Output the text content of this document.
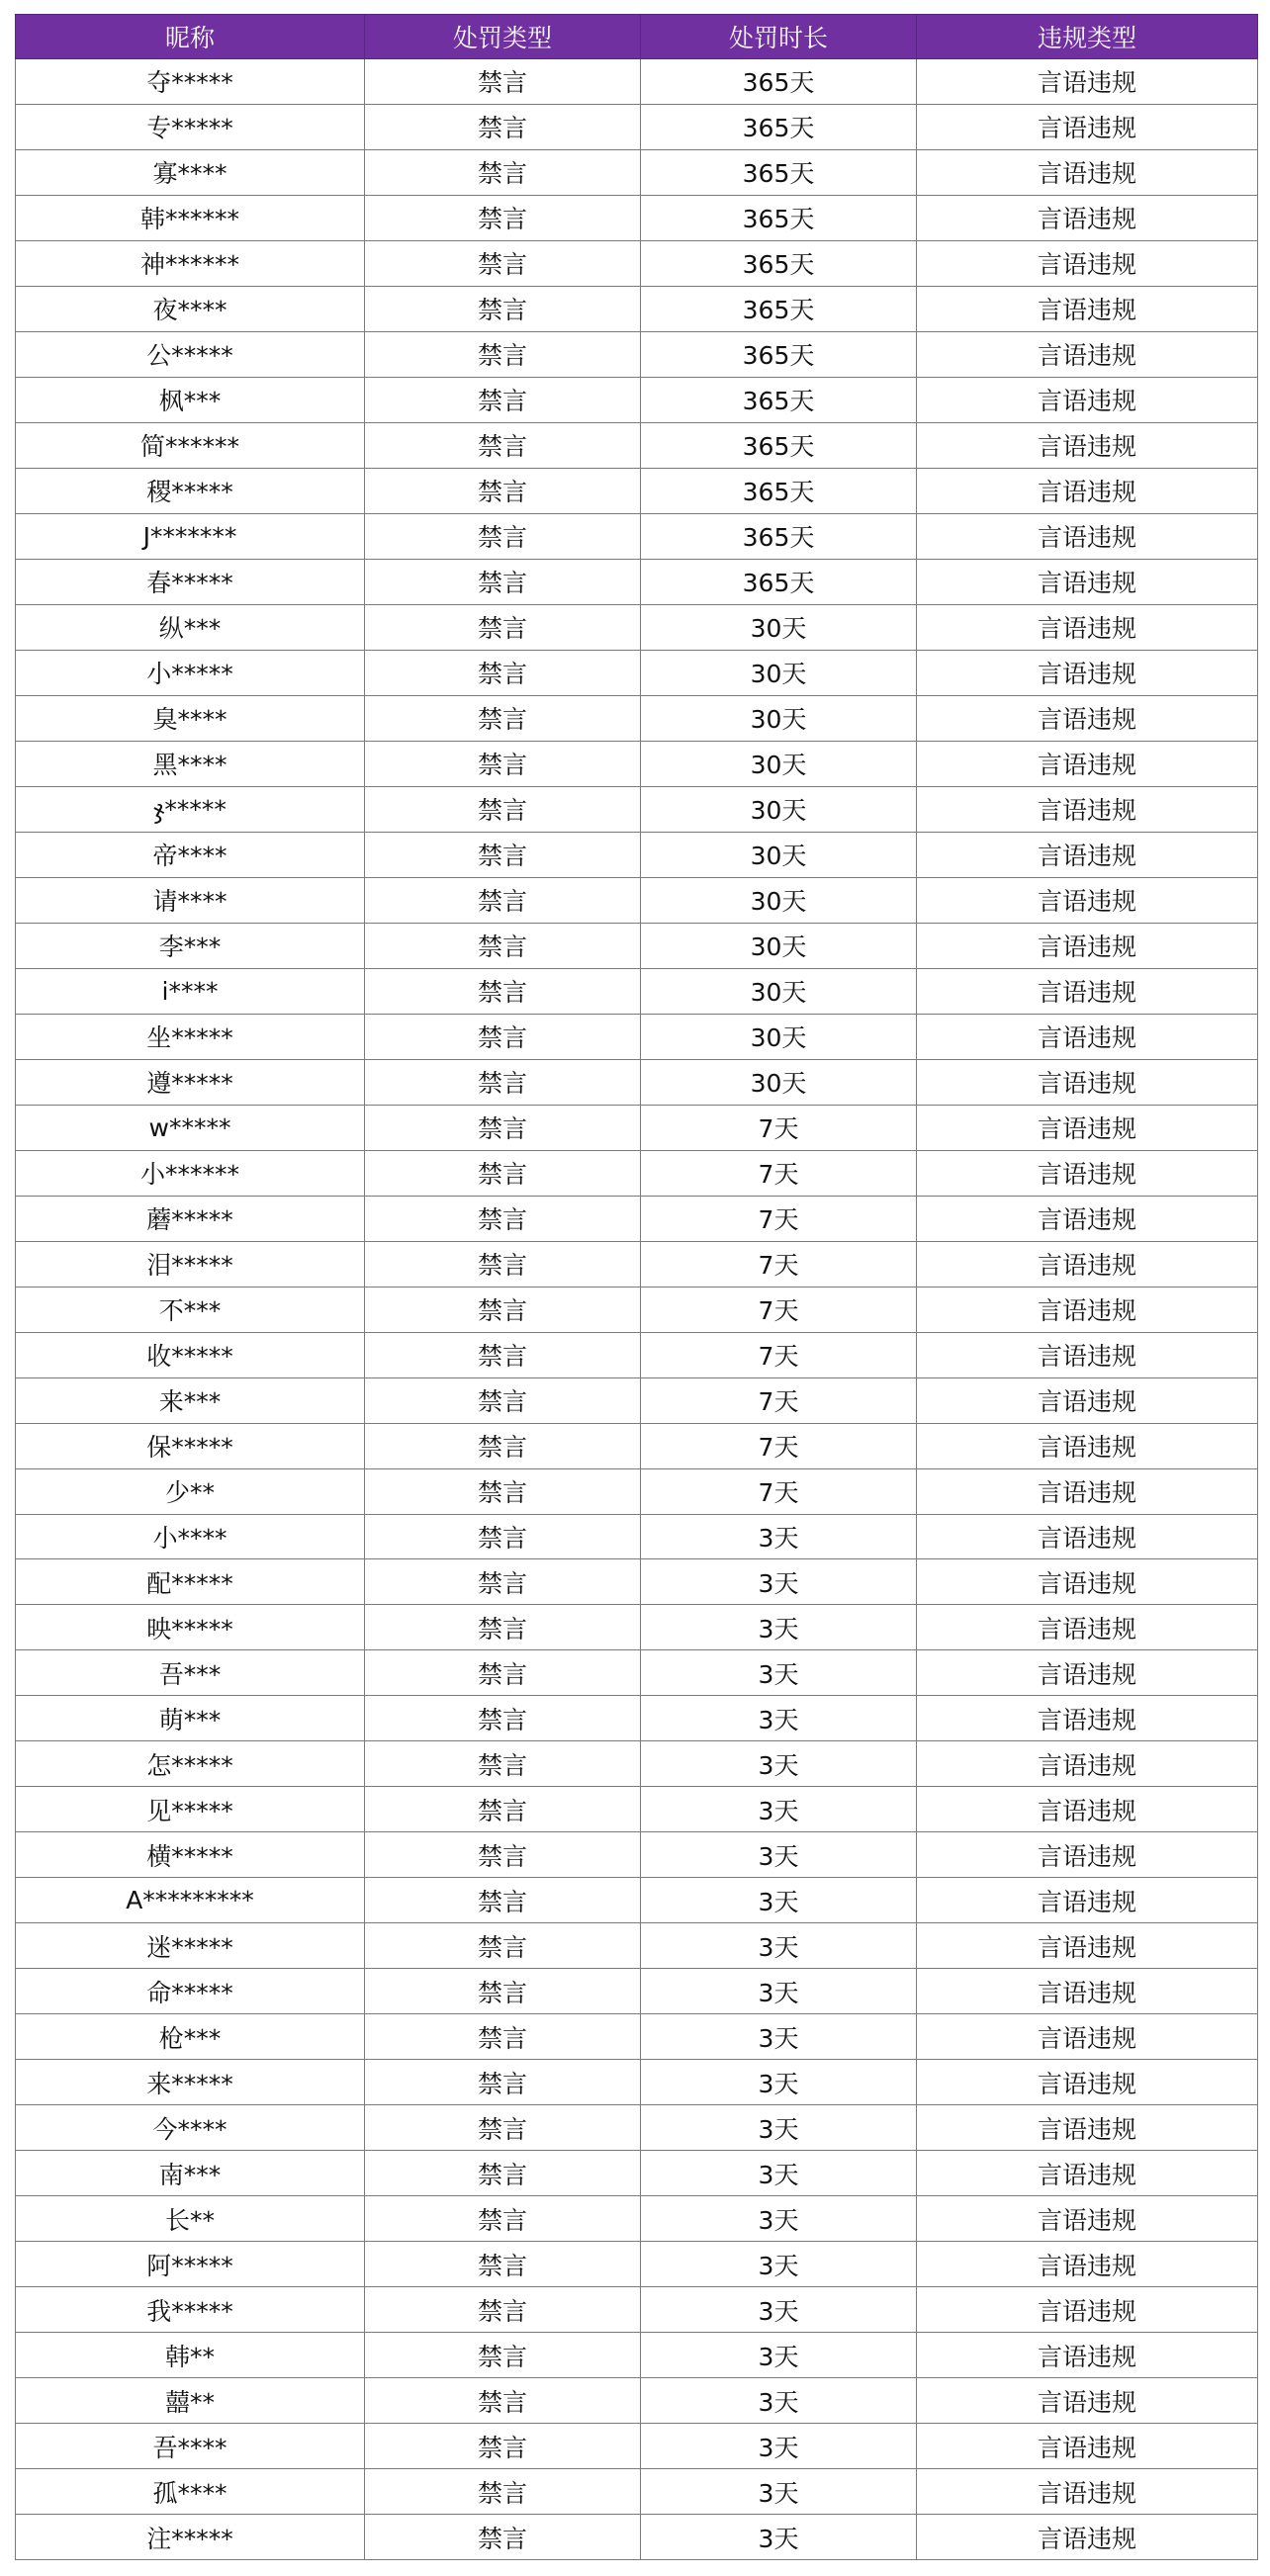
昵称	处罚类型	处罚时长	违规类型
夺*****	禁言	365天	言语违规
专*****	禁言	365天	言语违规
寡****	禁言	365天	言语违规
韩******	禁言	365天	言语违规
神******	禁言	365天	言语违规
夜****	禁言	365天	言语违规
公*****	禁言	365天	言语违规
枫***	禁言	365天	言语违规
简******	禁言	365天	言语违规
稷*****	禁言	365天	言语违规
J*******	禁言	365天	言语违规
春*****	禁言	365天	言语违规
纵***	禁言	30天	言语违规
小*****	禁言	30天	言语违规
臭****	禁言	30天	言语违规
黑****	禁言	30天	言语违规
ჯ*****	禁言	30天	言语违规
帝****	禁言	30天	言语违规
请****	禁言	30天	言语违规
李***	禁言	30天	言语违规
i****	禁言	30天	言语违规
坐*****	禁言	30天	言语违规
遵*****	禁言	30天	言语违规
w*****	禁言	7天	言语违规
小******	禁言	7天	言语违规
蘑*****	禁言	7天	言语违规
泪*****	禁言	7天	言语违规
不***	禁言	7天	言语违规
收*****	禁言	7天	言语违规
来***	禁言	7天	言语违规
保*****	禁言	7天	言语违规
少**	禁言	7天	言语违规
小****	禁言	3天	言语违规
配*****	禁言	3天	言语违规
映*****	禁言	3天	言语违规
吾***	禁言	3天	言语违规
萌***	禁言	3天	言语违规
怎*****	禁言	3天	言语违规
见*****	禁言	3天	言语违规
横*****	禁言	3天	言语违规
A*********	禁言	3天	言语违规
迷*****	禁言	3天	言语违规
命*****	禁言	3天	言语违规
枪***	禁言	3天	言语违规
来*****	禁言	3天	言语违规
今****	禁言	3天	言语违规
南***	禁言	3天	言语违规
长**	禁言	3天	言语违规
阿*****	禁言	3天	言语违规
我*****	禁言	3天	言语违规
韩**	禁言	3天	言语违规
囍**	禁言	3天	言语违规
吾****	禁言	3天	言语违规
孤****	禁言	3天	言语违规
注*****	禁言	3天	言语违规
